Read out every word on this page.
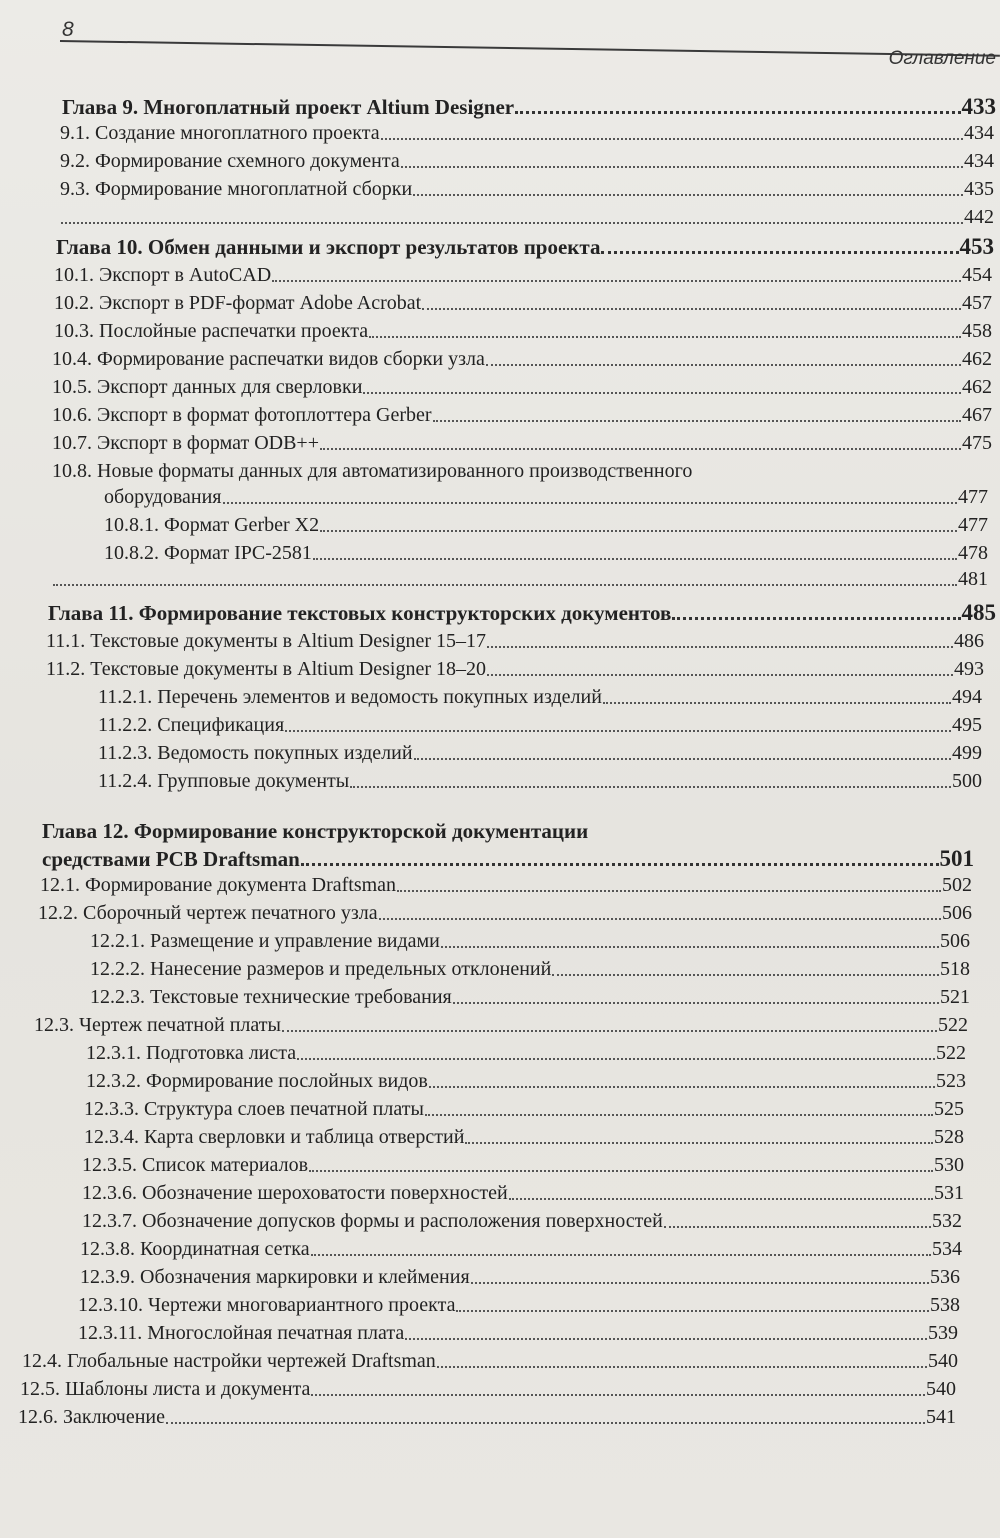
8
Оглавление
Глава 9. Многоплатный проект Altium Designer	433
9.1. Создание многоплатного проекта	434
9.2. Формирование схемного документа	434
9.3. Формирование многоплатной сборки	435
442
Глава 10. Обмен данными и экспорт результатов проекта	453
10.1. Экспорт в AutoCAD	454
10.2. Экспорт в PDF-формат Adobe Acrobat	457
10.3. Послойные распечатки проекта	458
10.4. Формирование распечатки видов сборки узла	462
10.5. Экспорт данных для сверловки	462
10.6. Экспорт в формат фотоплоттера Gerber	467
10.7. Экспорт в формат ODB++	475
10.8. Новые форматы данных для автоматизированного производственного
оборудования	477
10.8.1. Формат Gerber X2	477
10.8.2. Формат IPC-2581	478
481
Глава 11. Формирование текстовых конструкторских документов	485
11.1. Текстовые документы в Altium Designer 15–17	486
11.2. Текстовые документы в Altium Designer 18–20	493
11.2.1. Перечень элементов и ведомость покупных изделий	494
11.2.2. Спецификация	495
11.2.3. Ведомость покупных изделий	499
11.2.4. Групповые документы	500
Глава 12. Формирование конструкторской документации
средствами PCB Draftsman	501
12.1. Формирование документа Draftsman	502
12.2. Сборочный чертеж печатного узла	506
12.2.1. Размещение и управление видами	506
12.2.2. Нанесение размеров и предельных отклонений	518
12.2.3. Текстовые технические требования	521
12.3. Чертеж печатной платы	522
12.3.1. Подготовка листа	522
12.3.2. Формирование послойных видов	523
12.3.3. Структура слоев печатной платы	525
12.3.4. Карта сверловки и таблица отверстий	528
12.3.5. Список материалов	530
12.3.6. Обозначение шероховатости поверхностей	531
12.3.7. Обозначение допусков формы и расположения поверхностей	532
12.3.8. Координатная сетка	534
12.3.9. Обозначения маркировки и клеймения	536
12.3.10. Чертежи многовариантного проекта	538
12.3.11. Многослойная печатная плата	539
12.4. Глобальные настройки чертежей Draftsman	540
12.5. Шаблоны листа и документа	540
12.6. Заключение	541
